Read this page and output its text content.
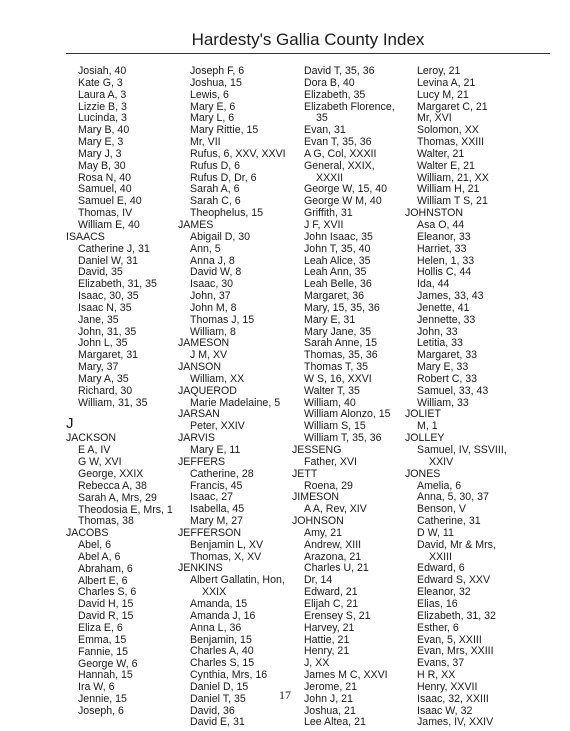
Hardesty's Gallia County Index
Josiah, 40
Kate G, 3
Laura A, 3
Lizzie B, 3
Lucinda, 3
Mary B, 40
Mary E, 3
Mary J, 3
May B, 30
Rosa N, 40
Samuel, 40
Samuel E, 40
Thomas, IV
William E, 40
ISAACS
Catherine J, 31
Daniel W, 31
David, 35
Elizabeth, 31, 35
Isaac, 30, 35
Isaac N, 35
Jane, 35
John, 31, 35
John L, 35
Margaret, 31
Mary, 37
Mary A, 35
Richard, 30
William, 31, 35
J
JACKSON
E A, IV
G W, XVI
George, XXIX
Rebecca A, 38
Sarah A, Mrs, 29
Theodosia E, Mrs, 1
Thomas, 38
JACOBS
Abel, 6
Abel A, 6
Abraham, 6
Albert E, 6
Charles S, 6
David H, 15
David R, 15
Eliza E, 6
Emma, 15
Fannie, 15
George W, 6
Hannah, 15
Ira W, 6
Jennie, 15
Joseph, 6
Joseph F, 6
Joshua, 15
Lewis, 6
Mary E, 6
Mary L, 6
Mary Rittie, 15
Mr, VII
Rufus, 6, XXV, XXVI
Rufus D, 6
Rufus D, Dr, 6
Sarah A, 6
Sarah C, 6
Theophelus, 15
JAMES
Abigail D, 30
Ann, 5
Anna J, 8
David W, 8
Isaac, 30
John, 37
John M, 8
Thomas J, 15
William, 8
JAMESON
J M, XV
JANSON
William, XX
JAQUEROD
Marie Madelaine, 5
JARSAN
Peter, XXIV
JARVIS
Mary E, 11
JEFFERS
Catherine, 28
Francis, 45
Isaac, 27
Isabella, 45
Mary M, 27
JEFFERSON
Benjamin L, XV
Thomas, X, XV
JENKINS
Albert Gallatin, Hon,
XXIX
Amanda, 15
Amanda J, 16
Anna L, 36
Benjamin, 15
Charles A, 40
Charles S, 15
Cynthia, Mrs, 16
Daniel D, 15
Daniel T, 35
David, 36
David E, 31
David T, 35, 36
Dora B, 40
Elizabeth, 35
Elizabeth Florence,
35
Evan, 31
Evan T, 35, 36
A G, Col, XXXII
General, XXIX,
XXXII
George W, 15, 40
George W M, 40
Griffith, 31
J F, XVII
John Isaac, 35
John T, 35, 40
Leah Alice, 35
Leah Ann, 35
Leah Belle, 36
Margaret, 36
Mary, 15, 35, 36
Mary E, 31
Mary Jane, 35
Sarah Anne, 15
Thomas, 35, 36
Thomas T, 35
W S, 16, XXVI
Walter T, 35
William, 40
William Alonzo, 15
William S, 15
William T, 35, 36
JESSENG
Father, XVI
JETT
Roena, 29
JIMESON
A A, Rev, XIV
JOHNSON
Amy, 21
Andrew, XIII
Arazona, 21
Charles U, 21
Dr, 14
Edward, 21
Elijah C, 21
Erensey S, 21
Harvey, 21
Hattie, 21
Henry, 21
J, XX
James M C, XXVI
Jerome, 21
John J, 21
Joshua, 21
Lee Altea, 21
Leroy, 21
Levina A, 21
Lucy M, 21
Margaret C, 21
Mr, XVI
Solomon, XX
Thomas, XXIII
Walter, 21
Walter E, 21
William, 21, XX
William H, 21
William T S, 21
JOHNSTON
Asa O, 44
Eleanor, 33
Harriet, 33
Helen, 1, 33
Hollis C, 44
Ida, 44
James, 33, 43
Jenette, 41
Jennette, 33
John, 33
Letitia, 33
Margaret, 33
Mary E, 33
Robert C, 33
Samuel, 33, 43
William, 33
JOLIET
M, 1
JOLLEY
Samuel, IV, SSVIII,
XXIV
JONES
Amelia, 6
Anna, 5, 30, 37
Benson, V
Catherine, 31
D W, 11
David, Mr & Mrs,
XXIII
Edward, 6
Edward S, XXV
Eleanor, 32
Elias, 16
Elizabeth, 31, 32
Esther, 6
Evan, 5, XXIII
Evan, Mrs, XXIII
Evans, 37
H R, XX
Henry, XXVII
Isaac, 32, XXIII
Isaac W, 32
James, IV, XXIV
17
